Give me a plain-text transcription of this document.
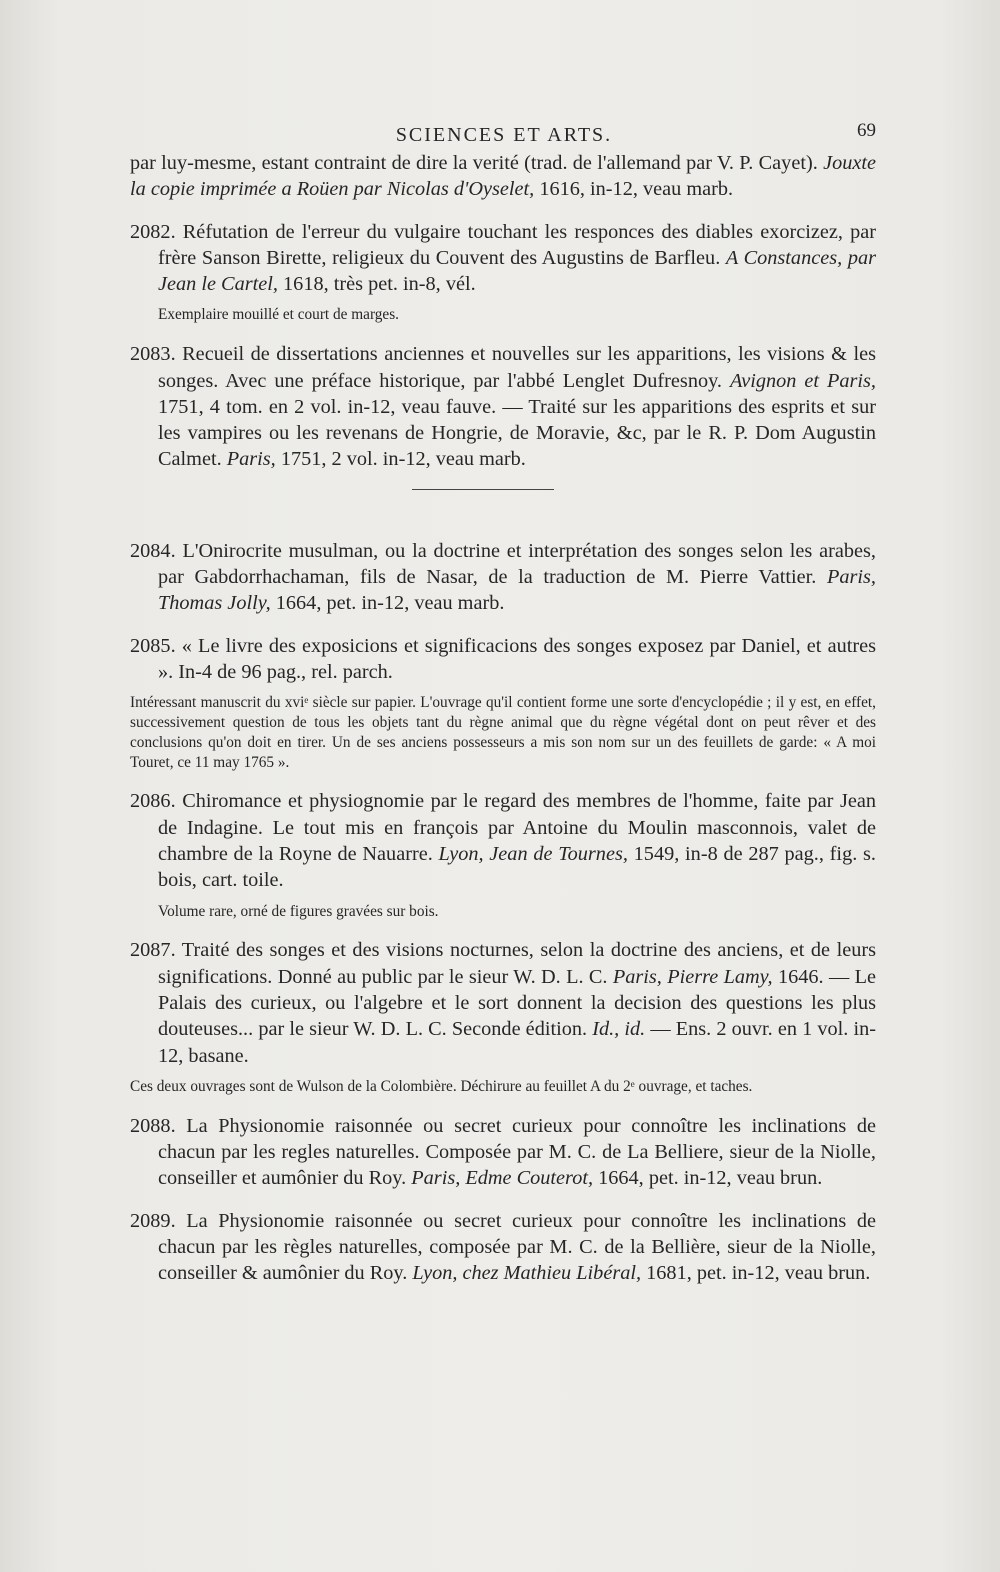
SCIENCES ET ARTS.	69

par luy-mesme, estant contraint de dire la verité (trad. de l'allemand par V. P. Cayet). Jouxte la copie imprimée a Roüen par Nicolas d'Oyselet, 1616, in-12, veau marb.

2082. Réfutation de l'erreur du vulgaire touchant les responces des diables exorcizez, par frère Sanson Birette, religieux du Couvent des Augustins de Barfleu. A Constances, par Jean le Cartel, 1618, très pet. in-8, vél.

Exemplaire mouillé et court de marges.

2083. Recueil de dissertations anciennes et nouvelles sur les apparitions, les visions & les songes. Avec une préface historique, par l'abbé Lenglet Dufresnoy. Avignon et Paris, 1751, 4 tom. en 2 vol. in-12, veau fauve. — Traité sur les apparitions des esprits et sur les vampires ou les revenans de Hongrie, de Moravie, &c, par le R. P. Dom Augustin Calmet. Paris, 1751, 2 vol. in-12, veau marb.

2084. L'Onirocrite musulman, ou la doctrine et interprétation des songes selon les arabes, par Gabdorrhachaman, fils de Nasar, de la traduction de M. Pierre Vattier. Paris, Thomas Jolly, 1664, pet. in-12, veau marb.

2085. « Le livre des exposicions et significacions des songes exposez par Daniel, et autres ». In-4 de 96 pag., rel. parch.

Intéressant manuscrit du xviᵉ siècle sur papier. L'ouvrage qu'il contient forme une sorte d'encyclopédie ; il y est, en effet, successivement question de tous les objets tant du règne animal que du règne végétal dont on peut rêver et des conclusions qu'on doit en tirer. Un de ses anciens possesseurs a mis son nom sur un des feuillets de garde: « A moi Touret, ce 11 may 1765 ».

2086. Chiromance et physiognomie par le regard des membres de l'homme, faite par Jean de Indagine. Le tout mis en françois par Antoine du Moulin masconnois, valet de chambre de la Royne de Nauarre. Lyon, Jean de Tournes, 1549, in-8 de 287 pag., fig. s. bois, cart. toile.

Volume rare, orné de figures gravées sur bois.

2087. Traité des songes et des visions nocturnes, selon la doctrine des anciens, et de leurs significations. Donné au public par le sieur W. D. L. C. Paris, Pierre Lamy, 1646. — Le Palais des curieux, ou l'algebre et le sort donnent la decision des questions les plus douteuses... par le sieur W. D. L. C. Seconde édition. Id., id. — Ens. 2 ouvr. en 1 vol. in-12, basane.

Ces deux ouvrages sont de Wulson de la Colombière. Déchirure au feuillet A du 2ᵉ ouvrage, et taches.

2088. La Physionomie raisonnée ou secret curieux pour connoître les inclinations de chacun par les regles naturelles. Composée par M. C. de La Belliere, sieur de la Niolle, conseiller et aumônier du Roy. Paris, Edme Couterot, 1664, pet. in-12, veau brun.

2089. La Physionomie raisonnée ou secret curieux pour connoître les inclinations de chacun par les règles naturelles, composée par M. C. de la Bellière, sieur de la Niolle, conseiller & aumônier du Roy. Lyon, chez Mathieu Libéral, 1681, pet. in-12, veau brun.
